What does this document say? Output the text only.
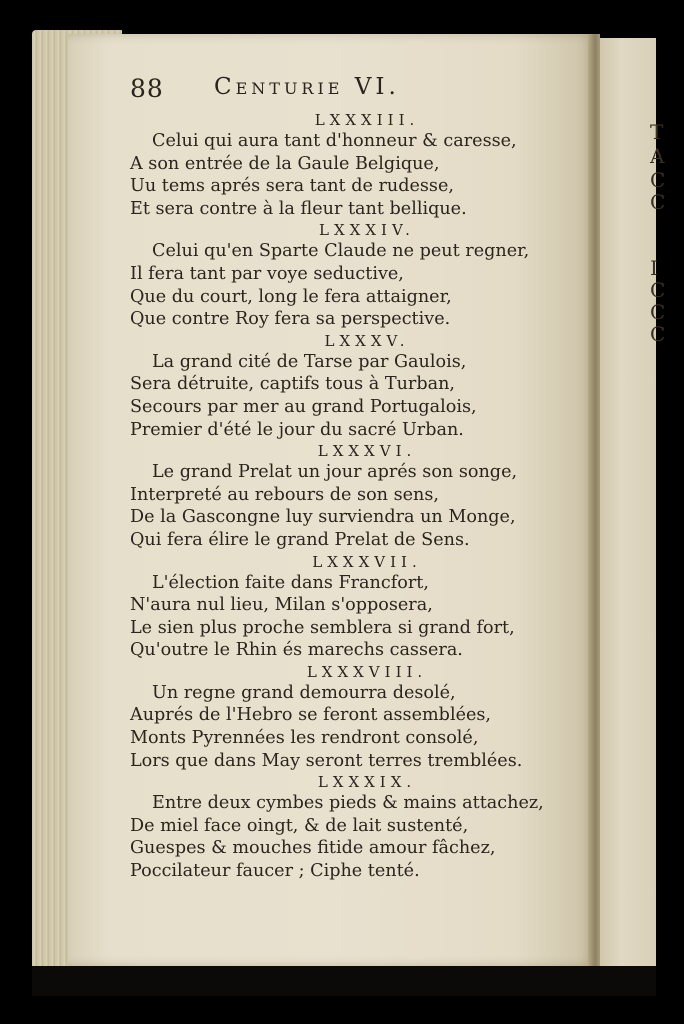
T
A
C
C
I
C
C
C
88 Centurie VI.
LXXXIII.
Celui qui aura tant d'honneur & caresse,
A son entrée de la Gaule Belgique,
Uu tems aprés sera tant de rudesse,
Et sera contre à la fleur tant bellique.
LXXXIV.
Celui qu'en Sparte Claude ne peut regner,
Il fera tant par voye seductive,
Que du court, long le fera attaigner,
Que contre Roy fera sa perspective.
LXXXV.
La grand cité de Tarse par Gaulois,
Sera détruite, captifs tous à Turban,
Secours par mer au grand Portugalois,
Premier d'été le jour du sacré Urban.
LXXXVI.
Le grand Prelat un jour aprés son songe,
Interpreté au rebours de son sens,
De la Gascongne luy surviendra un Monge,
Qui fera élire le grand Prelat de Sens.
LXXXVII.
L'élection faite dans Francfort,
N'aura nul lieu, Milan s'opposera,
Le sien plus proche semblera si grand fort,
Qu'outre le Rhin és marechs cassera.
LXXXVIII.
Un regne grand demourra desolé,
Auprés de l'Hebro se feront assemblées,
Monts Pyrennées les rendront consolé,
Lors que dans May seront terres tremblées.
LXXXIX.
Entre deux cymbes pieds & mains attachez,
De miel face oingt, & de lait sustenté,
Guespes & mouches fitide amour fâchez,
Poccilateur faucer ; Ciphe tenté.
